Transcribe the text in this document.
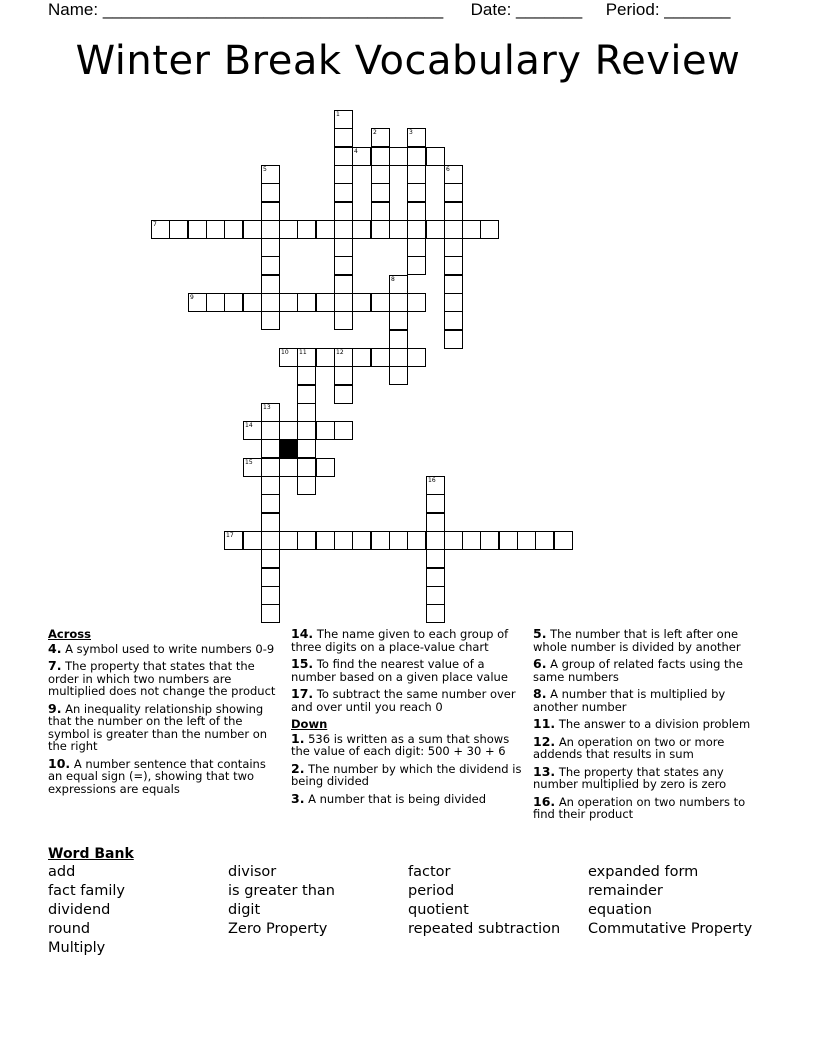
Name: ____________________________________ Date: _______ Period: _______
Winter Break Vocabulary Review
1
2	3
4
5	6
7
8
9
10 11	12
13
14
15
16
17
Across
4. A symbol used to write numbers 0-9
7. The property that states that the order in which two numbers are multiplied does not change the product
9. An inequality relationship showing that the number on the left of the symbol is greater than the number on the right
10. A number sentence that contains an equal sign (=), showing that two expressions are equals
14. The name given to each group of three digits on a place-value chart
15. To find the nearest value of a number based on a given place value
17. To subtract the same number over and over until you reach 0
Down
1. 536 is written as a sum that shows the value of each digit: 500 + 30 + 6
2. The number by which the dividend is being divided
3. A number that is being divided
5. The number that is left after one whole number is divided by another
6. A group of related facts using the same numbers
8. A number that is multiplied by another number
11. The answer to a division problem
12. An operation on two or more addends that results in sum
13. The property that states any number multiplied by zero is zero
16. An operation on two numbers to find their product
Word Bank
add
fact family
dividend
round
Multiply
divisor
is greater than
digit
Zero Property
factor
period
quotient
repeated subtraction
expanded form
remainder
equation
Commutative Property
